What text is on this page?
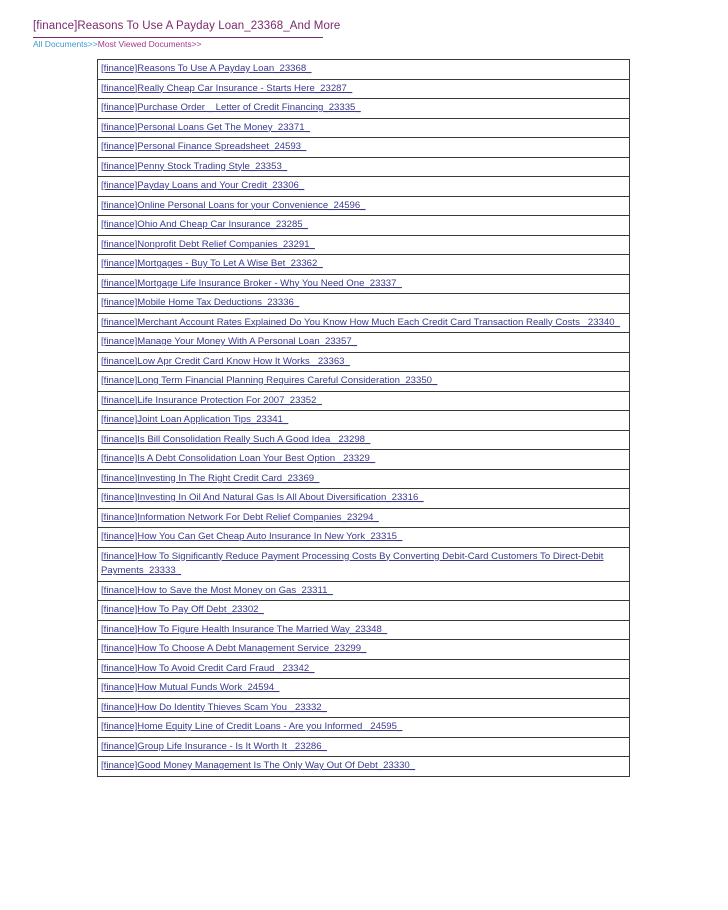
[finance]Reasons To Use A Payday Loan_23368_And More
All Documents>>Most Viewed Documents>>
[finance]Reasons To Use A Payday Loan_23368_
[finance]Really Cheap Car Insurance - Starts Here_23287_
[finance]Purchase Order _ Letter of Credit Financing_23335_
[finance]Personal Loans Get The Money_23371_
[finance]Personal Finance Spreadsheet_24593_
[finance]Penny Stock Trading Style_23353_
[finance]Payday Loans and Your Credit_23306_
[finance]Online Personal Loans for your Convenience_24596_
[finance]Ohio And Cheap Car Insurance_23285_
[finance]Nonprofit Debt Relief Companies_23291_
[finance]Mortgages - Buy To Let A Wise Bet_23362_
[finance]Mortgage Life Insurance Broker - Why You Need One_23337_
[finance]Mobile Home Tax Deductions_23336_
[finance]Merchant Account Rates Explained Do You Know How Much Each Credit Card Transaction Really Costs _23340_
[finance]Manage Your Money With A Personal Loan_23357_
[finance]Low Apr Credit Card Know How It Works _23363_
[finance]Long Term Financial Planning Requires Careful Consideration_23350_
[finance]Life Insurance Protection For 2007_23352_
[finance]Joint Loan Application Tips_23341_
[finance]Is Bill Consolidation Really Such A Good Idea _23298_
[finance]Is A Debt Consolidation Loan Your Best Option _23329_
[finance]Investing In The Right Credit Card_23369_
[finance]Investing In Oil And Natural Gas Is All About Diversification_23316_
[finance]Information Network For Debt Relief Companies_23294_
[finance]How You Can Get Cheap Auto Insurance In New York_23315_
[finance]How To Significantly Reduce Payment Processing Costs By Converting Debit-Card Customers To Direct-Debit Payments_23333_
[finance]How to Save the Most Money on Gas_23311_
[finance]How To Pay Off Debt_23302_
[finance]How To Figure Health Insurance The Married Way_23348_
[finance]How To Choose A Debt Management Service_23299_
[finance]How To Avoid Credit Card Fraud _23342_
[finance]How Mutual Funds Work_24594_
[finance]How Do Identity Thieves Scam You _23332_
[finance]Home Equity Line of Credit Loans - Are you Informed _24595_
[finance]Group Life Insurance - Is It Worth It _23286_
[finance]Good Money Management Is The Only Way Out Of Debt_23330_
